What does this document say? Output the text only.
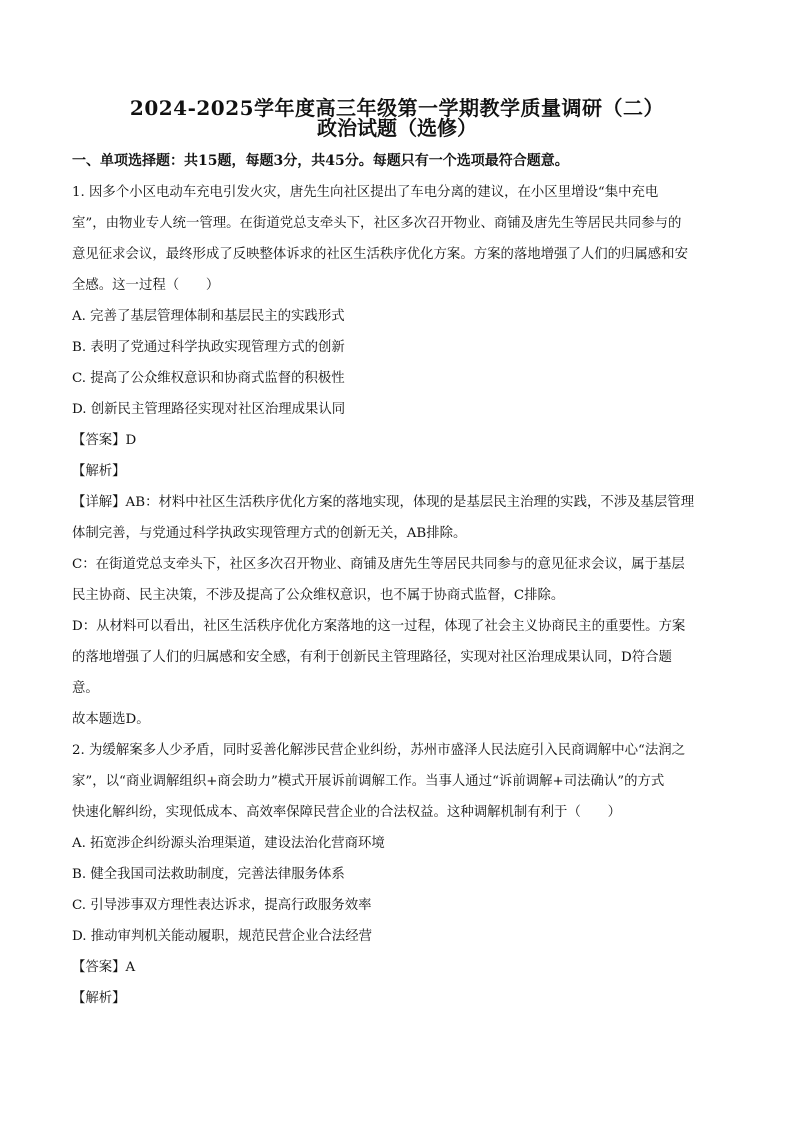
2024-2025学年度高三年级第一学期教学质量调研（二）
政治试题（选修）
一、单项选择题：共15题，每题3分，共45分。每题只有一个选项最符合题意。
1. 因多个小区电动车充电引发火灾，唐先生向社区提出了车电分离的建议，在小区里增设“集中充电
室”，由物业专人统一管理。在街道党总支牵头下，社区多次召开物业、商铺及唐先生等居民共同参与的
意见征求会议，最终形成了反映整体诉求的社区生活秩序优化方案。方案的落地增强了人们的归属感和安
全感。这一过程（　　）
A. 完善了基层管理体制和基层民主的实践形式
B. 表明了党通过科学执政实现管理方式的创新
C. 提高了公众维权意识和协商式监督的积极性
D. 创新民主管理路径实现对社区治理成果认同
【答案】D
【解析】
【详解】AB：材料中社区生活秩序优化方案的落地实现，体现的是基层民主治理的实践，不涉及基层管理
体制完善，与党通过科学执政实现管理方式的创新无关，AB排除。
C：在街道党总支牵头下，社区多次召开物业、商铺及唐先生等居民共同参与的意见征求会议，属于基层
民主协商、民主决策，不涉及提高了公众维权意识，也不属于协商式监督，C排除。
D：从材料可以看出，社区生活秩序优化方案落地的这一过程，体现了社会主义协商民主的重要性。方案
的落地增强了人们的归属感和安全感，有利于创新民主管理路径，实现对社区治理成果认同，D符合题
意。
故本题选D。
2. 为缓解案多人少矛盾，同时妥善化解涉民营企业纠纷，苏州市盛泽人民法庭引入民商调解中心“法润之
家”，以“商业调解组织+商会助力”模式开展诉前调解工作。当事人通过“诉前调解+司法确认”的方式
快速化解纠纷，实现低成本、高效率保障民营企业的合法权益。这种调解机制有利于（　　）
A. 拓宽涉企纠纷源头治理渠道，建设法治化营商环境
B. 健全我国司法救助制度，完善法律服务体系
C. 引导涉事双方理性表达诉求，提高行政服务效率
D. 推动审判机关能动履职，规范民营企业合法经营
【答案】A
【解析】
